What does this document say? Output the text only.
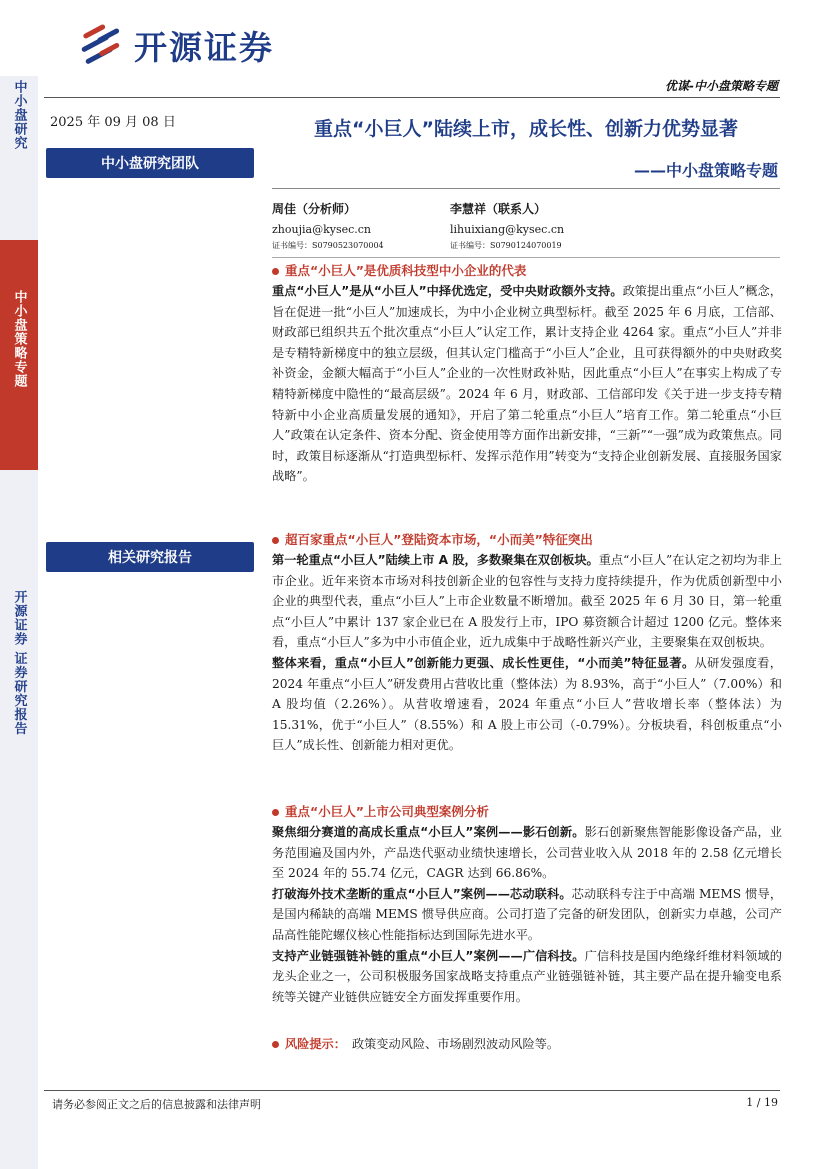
中小盘研究
中小盘策略专题
开源证券 证券研究报告
开源证券
优谋-中小盘策略专题
2025 年 09 月 08 日
中小盘研究团队
相关研究报告
重点“小巨人”陆续上市，成长性、创新力优势显著
——中小盘策略专题
周佳（分析师）
zhoujia@kysec.cn
证书编号：S0790523070004
李慧祥（联系人）
lihuixiang@kysec.cn
证书编号：S0790124070019
重点“小巨人”是优质科技型中小企业的代表

重点“小巨人”是从“小巨人”中择优选定，受中央财政额外支持。政策提出重点“小巨人”概念，旨在促进一批“小巨人”加速成长，为中小企业树立典型标杆。截至 2025 年 6 月底，工信部、财政部已组织共五个批次重点“小巨人”认定工作，累计支持企业 4264 家。重点“小巨人”并非是专精特新梯度中的独立层级，但其认定门槛高于“小巨人”企业，且可获得额外的中央财政奖补资金，金额大幅高于“小巨人”企业的一次性财政补贴，因此重点“小巨人”在事实上构成了专精特新梯度中隐性的“最高层级”。2024 年 6 月，财政部、工信部印发《关于进一步支持专精特新中小企业高质量发展的通知》，开启了第二轮重点“小巨人”培育工作。第二轮重点“小巨人”政策在认定条件、资本分配、资金使用等方面作出新安排，“三新”“一强”成为政策焦点。同时，政策目标逐渐从“打造典型标杆、发挥示范作用”转变为“支持企业创新发展、直接服务国家战略”。

超百家重点“小巨人”登陆资本市场，“小而美”特征突出

第一轮重点“小巨人”陆续上市 A 股，多数聚集在双创板块。重点“小巨人”在认定之初均为非上市企业。近年来资本市场对科技创新企业的包容性与支持力度持续提升，作为优质创新型中小企业的典型代表，重点“小巨人”上市企业数量不断增加。截至 2025 年 6 月 30 日，第一轮重点“小巨人”中累计 137 家企业已在 A 股发行上市，IPO 募资额合计超过 1200 亿元。整体来看，重点“小巨人”多为中小市值企业，近九成集中于战略性新兴产业，主要聚集在双创板块。

整体来看，重点“小巨人”创新能力更强、成长性更佳，“小而美”特征显著。从研发强度看，2024 年重点“小巨人”研发费用占营收比重（整体法）为 8.93%，高于“小巨人”（7.00%）和 A 股均值（2.26%）。从营收增速看，2024 年重点“小巨人”营收增长率（整体法）为 15.31%，优于“小巨人”（8.55%）和 A 股上市公司（-0.79%）。分板块看，科创板重点“小巨人”成长性、创新能力相对更优。

重点“小巨人”上市公司典型案例分析

聚焦细分赛道的高成长重点“小巨人”案例——影石创新。影石创新聚焦智能影像设备产品，业务范围遍及国内外，产品迭代驱动业绩快速增长，公司营业收入从 2018 年的 2.58 亿元增长至 2024 年的 55.74 亿元，CAGR 达到 66.86%。

打破海外技术垄断的重点“小巨人”案例——芯动联科。芯动联科专注于中高端 MEMS 惯导，是国内稀缺的高端 MEMS 惯导供应商。公司打造了完备的研发团队，创新实力卓越，公司产品高性能陀螺仪核心性能指标达到国际先进水平。

支持产业链强链补链的重点“小巨人”案例——广信科技。广信科技是国内绝缘纤维材料领域的龙头企业之一，公司积极服务国家战略支持重点产业链强链补链，其主要产品在提升输变电系统等关键产业链供应链安全方面发挥重要作用。

风险提示： 政策变动风险、市场剧烈波动风险等。
请务必参阅正文之后的信息披露和法律声明	1 / 19
